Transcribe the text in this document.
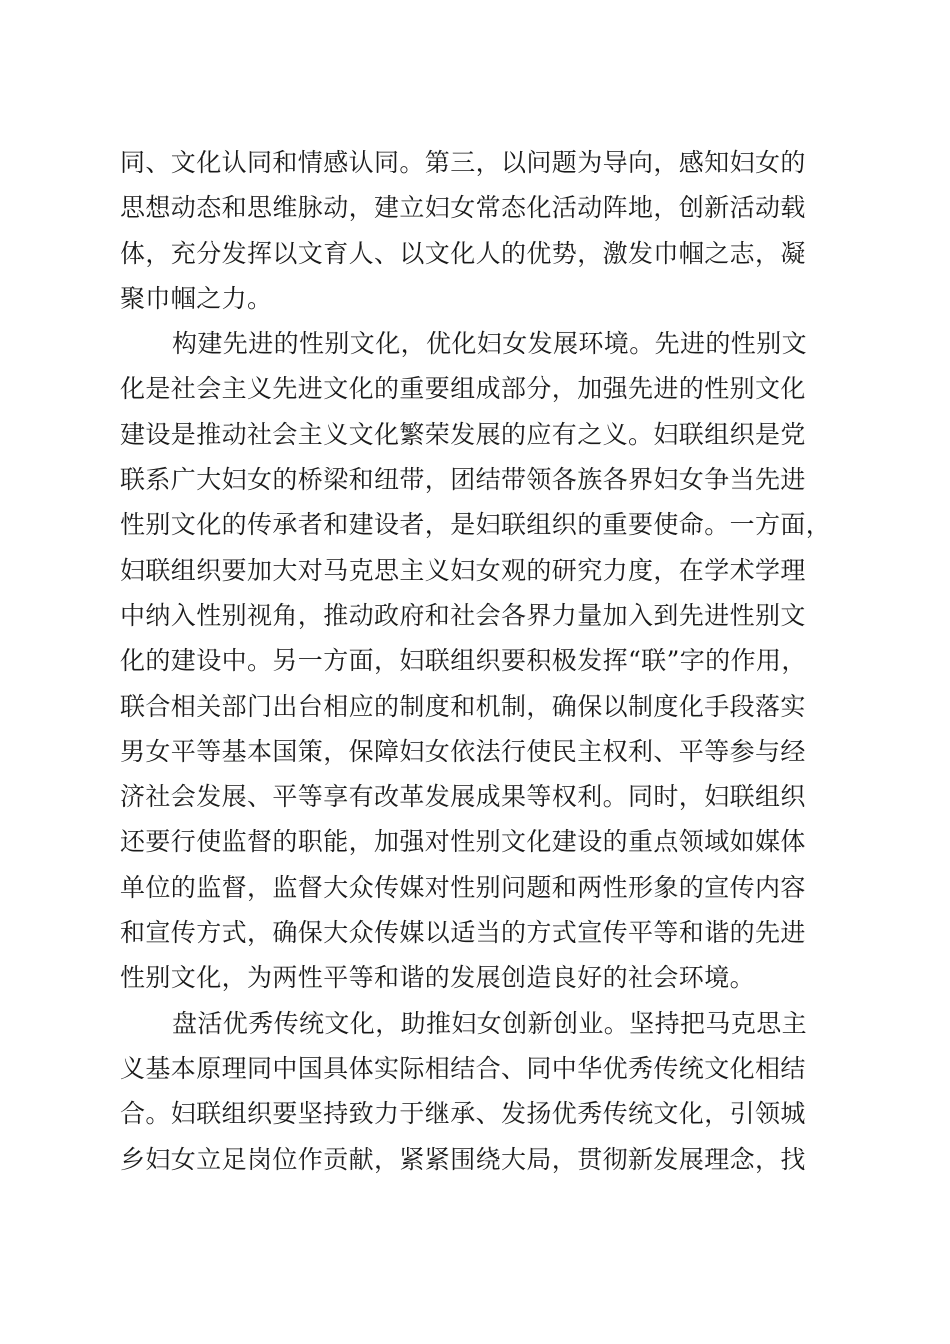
同、文化认同和情感认同。第三，以问题为导向，感知妇女的
思想动态和思维脉动，建立妇女常态化活动阵地，创新活动载
体，充分发挥以文育人、以文化人的优势，激发巾帼之志，凝
聚巾帼之力。
构建先进的性别文化，优化妇女发展环境。先进的性别文
化是社会主义先进文化的重要组成部分，加强先进的性别文化
建设是推动社会主义文化繁荣发展的应有之义。妇联组织是党
联系广大妇女的桥梁和纽带，团结带领各族各界妇女争当先进
性别文化的传承者和建设者，是妇联组织的重要使命。一方面，
妇联组织要加大对马克思主义妇女观的研究力度，在学术学理
中纳入性别视角，推动政府和社会各界力量加入到先进性别文
化的建设中。另一方面，妇联组织要积极发挥“联”字的作用，
联合相关部门出台相应的制度和机制，确保以制度化手段落实
男女平等基本国策，保障妇女依法行使民主权利、平等参与经
济社会发展、平等享有改革发展成果等权利。同时，妇联组织
还要行使监督的职能，加强对性别文化建设的重点领域如媒体
单位的监督，监督大众传媒对性别问题和两性形象的宣传内容
和宣传方式，确保大众传媒以适当的方式宣传平等和谐的先进
性别文化，为两性平等和谐的发展创造良好的社会环境。
盘活优秀传统文化，助推妇女创新创业。坚持把马克思主
义基本原理同中国具体实际相结合、同中华优秀传统文化相结
合。妇联组织要坚持致力于继承、发扬优秀传统文化，引领城
乡妇女立足岗位作贡献，紧紧围绕大局，贯彻新发展理念，找
